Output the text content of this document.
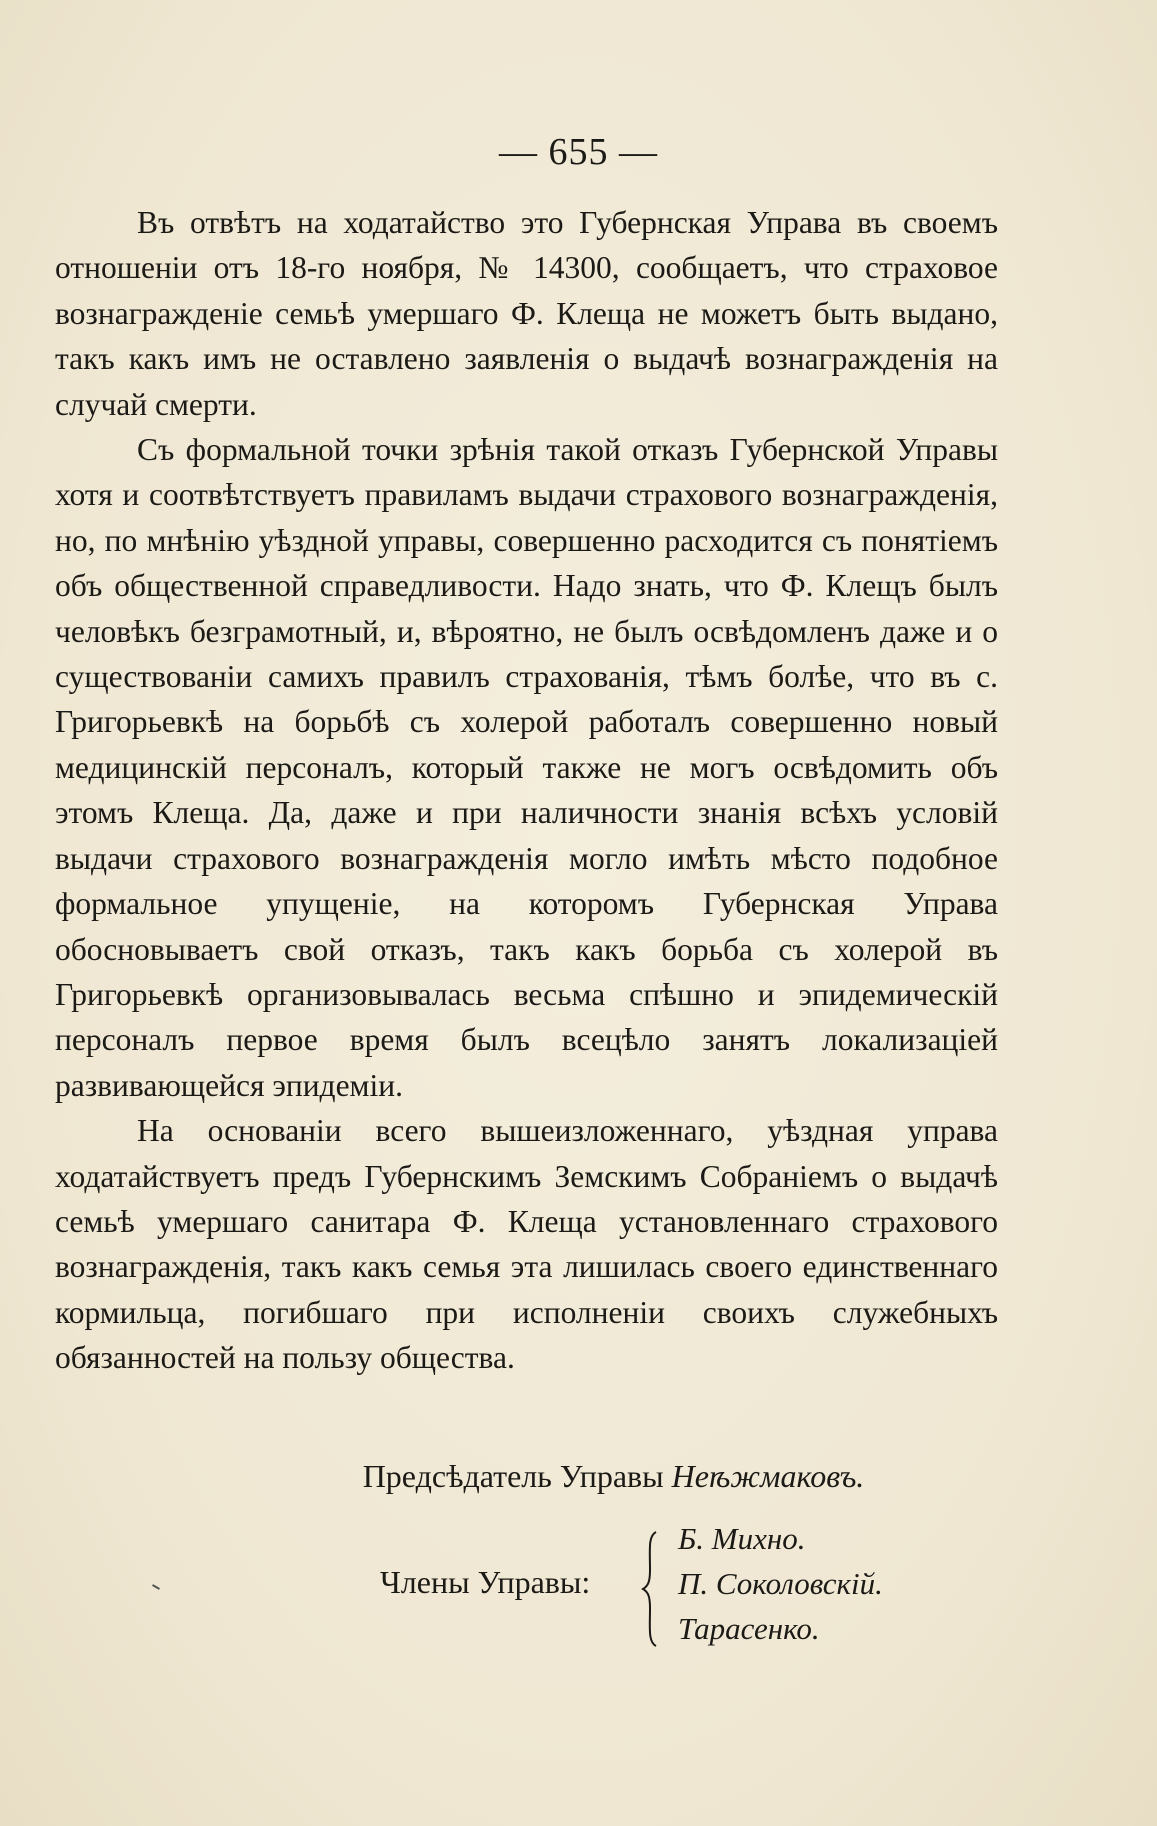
— 655 —

Въ отвѣтъ на ходатайство это Губернская Управа въ своемъ отношеніи отъ 18-го ноября, № 14300, сообщаетъ, что страховое вознагражденіе семьѣ умершаго Ф. Клеща не можетъ быть выдано, такъ какъ имъ не оставлено заявленія о выдачѣ вознагражденія на случай смерти.

Съ формальной точки зрѣнія такой отказъ Губернской Управы хотя и соотвѣтствуетъ правиламъ выдачи страхового вознагражденія, но, по мнѣнію уѣздной управы, совершенно расходится съ понятіемъ объ общественной справедливости. Надо знать, что Ф. Клещъ былъ человѣкъ безграмотный, и, вѣроятно, не былъ освѣдомленъ даже и о существованіи самихъ правилъ страхованія, тѣмъ болѣе, что въ с. Григорьевкѣ на борьбѣ съ холерой работалъ совершенно новый медицинскій персоналъ, который также не могъ освѣдомить объ этомъ Клеща. Да, даже и при наличности знанія всѣхъ условій выдачи страхового вознагражденія могло имѣть мѣсто подобное формальное упущеніе, на которомъ Губернская Управа обосновываетъ свой отказъ, такъ какъ борьба съ холерой въ Григорьевкѣ организовывалась весьма спѣшно и эпидемическій персоналъ первое время былъ всецѣло занятъ локализаціей развивающейся эпидеміи.

На основаніи всего вышеизложеннаго, уѣздная управа ходатайствуетъ предъ Губернскимъ Земскимъ Собраніемъ о выдачѣ семьѣ умершаго санитара Ф. Клеща установленнаго страхового вознагражденія, такъ какъ семья эта лишилась своего единственнаго кормильца, погибшаго при исполненіи своихъ служебныхъ обязанностей на пользу общества.

Предсѣдатель Управы Неѣжмаковъ.
Члены Управы:
Б. Михно.
П. Соколовскій.
Тарасенко.
